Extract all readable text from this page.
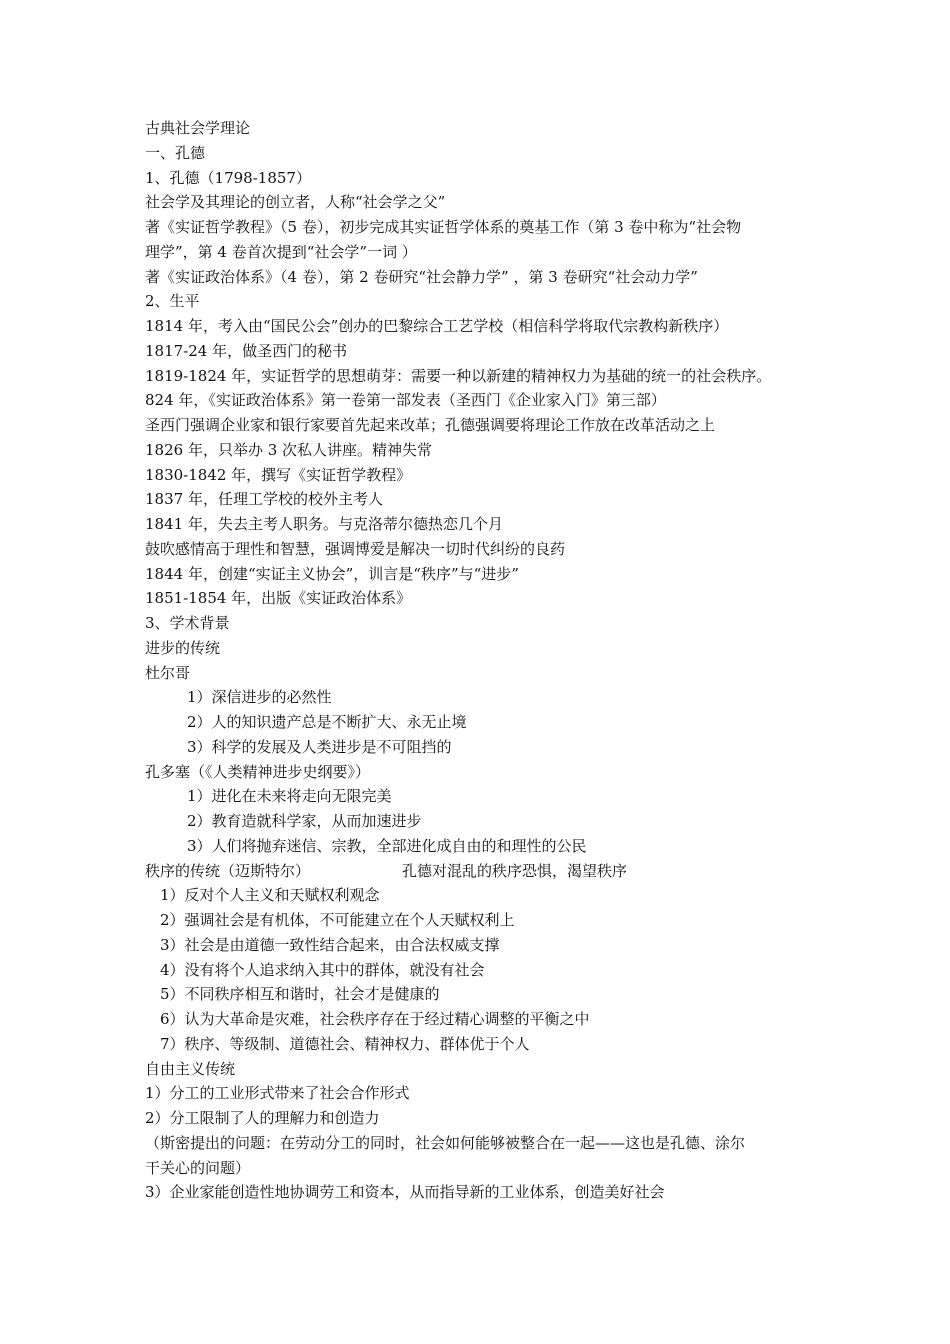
古典社会学理论
一、孔德
1、孔德（1798-1857）
社会学及其理论的创立者，人称“社会学之父”
著《实证哲学教程》（5 卷），初步完成其实证哲学体系的奠基工作（第 3 卷中称为“社会物
理学”，第 4 卷首次提到“社会学”一词 ）
著《实证政治体系》（4 卷），第 2 卷研究“社会静力学” ，第 3 卷研究“社会动力学”
2、生平
1814 年，考入由“国民公会”创办的巴黎综合工艺学校（相信科学将取代宗教构新秩序）
1817-24 年，做圣西门的秘书
1819-1824 年，实证哲学的思想萌芽：需要一种以新建的精神权力为基础的统一的社会秩序。
824 年，《实证政治体系》第一卷第一部发表（圣西门《企业家入门》第三部）
圣西门强调企业家和银行家要首先起来改革；孔德强调要将理论工作放在改革活动之上
1826 年，只举办 3 次私人讲座。精神失常
1830-1842 年，撰写《实证哲学教程》
1837 年，任理工学校的校外主考人
1841 年，失去主考人职务。与克洛蒂尔德热恋几个月
鼓吹感情高于理性和智慧，强调博爱是解决一切时代纠纷的良药
1844 年，创建“实证主义协会”，训言是“秩序”与“进步”
1851-1854 年，出版《实证政治体系》
3、学术背景
进步的传统
杜尔哥
1）深信进步的必然性
2）人的知识遗产总是不断扩大、永无止境
3）科学的发展及人类进步是不可阻挡的
孔多塞（《人类精神进步史纲要》）
1）进化在未来将走向无限完美
2）教育造就科学家，从而加速进步
3）人们将抛弃迷信、宗教，全部进化成自由的和理性的公民
秩序的传统（迈斯特尔）	孔德对混乱的秩序恐惧，渴望秩序
1）反对个人主义和天赋权利观念
2）强调社会是有机体，不可能建立在个人天赋权利上
3）社会是由道德一致性结合起来，由合法权威支撑
4）没有将个人追求纳入其中的群体，就没有社会
5）不同秩序相互和谐时，社会才是健康的
6）认为大革命是灾难，社会秩序存在于经过精心调整的平衡之中
7）秩序、等级制、道德社会、精神权力、群体优于个人
自由主义传统
1）分工的工业形式带来了社会合作形式
2）分工限制了人的理解力和创造力
（斯密提出的问题：在劳动分工的同时，社会如何能够被整合在一起——这也是孔德、涂尔
干关心的问题）
3）企业家能创造性地协调劳工和资本，从而指导新的工业体系，创造美好社会
